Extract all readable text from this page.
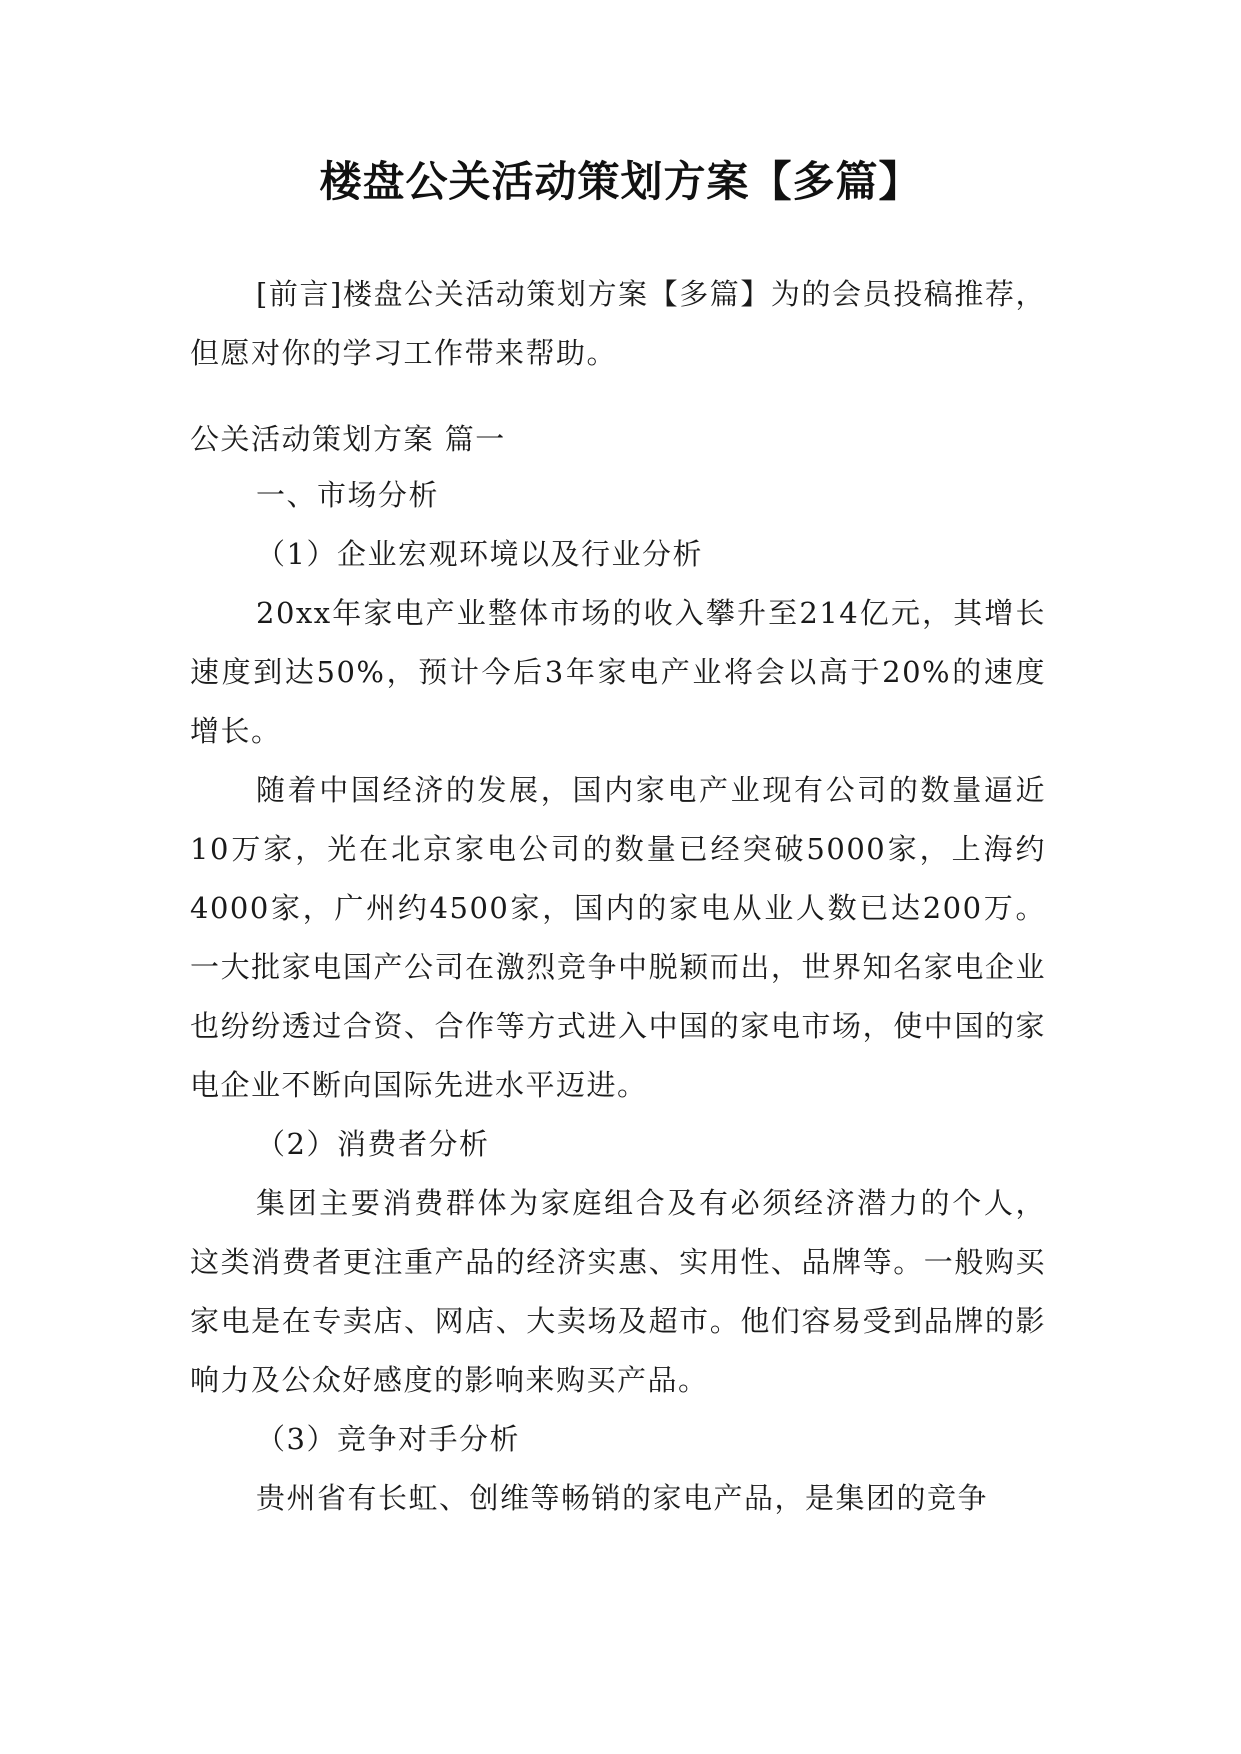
楼盘公关活动策划方案【多篇】
[前言]楼盘公关活动策划方案【多篇】为的会员投稿推荐，但愿对你的学习工作带来帮助。
公关活动策划方案 篇一

一、市场分析

（1）企业宏观环境以及行业分析

20xx年家电产业整体市场的收入攀升至214亿元，其增长速度到达50%，预计今后3年家电产业将会以高于20%的速度增长。

随着中国经济的发展，国内家电产业现有公司的数量逼近10万家，光在北京家电公司的数量已经突破5000家，上海约4000家，广州约4500家，国内的家电从业人数已达200万。一大批家电国产公司在激烈竞争中脱颖而出，世界知名家电企业也纷纷透过合资、合作等方式进入中国的家电市场，使中国的家电企业不断向国际先进水平迈进。

（2）消费者分析

集团主要消费群体为家庭组合及有必须经济潜力的个人，这类消费者更注重产品的经济实惠、实用性、品牌等。一般购买家电是在专卖店、网店、大卖场及超市。他们容易受到品牌的影响力及公众好感度的影响来购买产品。

（3）竞争对手分析

贵州省有长虹、创维等畅销的家电产品，是集团的竞争
